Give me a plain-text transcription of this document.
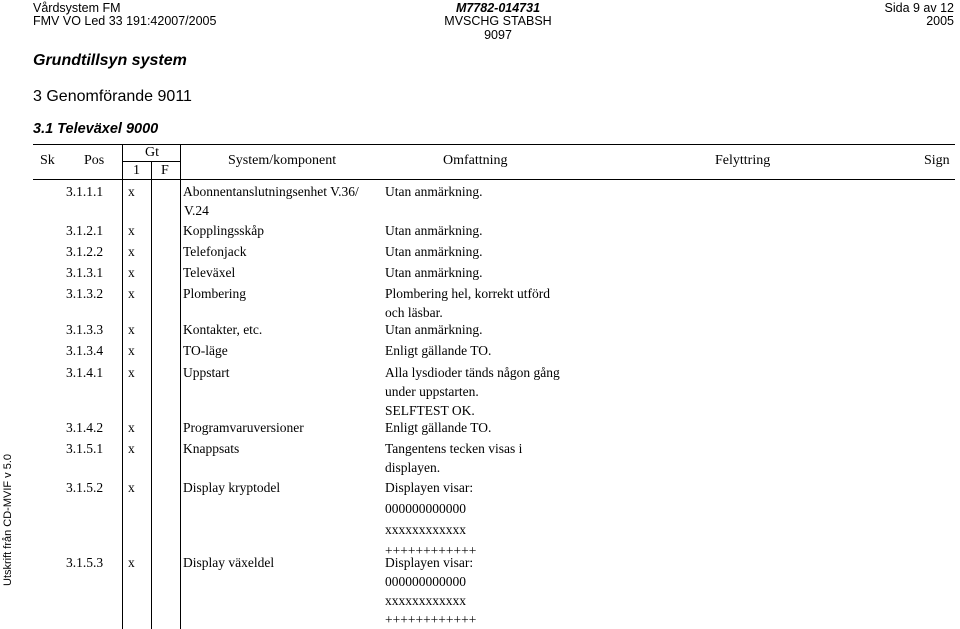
Vårdsystem FM
FMV VO Led 33 191:42007/2005
M7782-014731
MVSCHG STABSH 9097
Sida 9 av 12
2005
Utskrift från CD-MVIF v 5.0
Grundtillsyn system
3 Genomförande 9011
3.1 Televäxel 9000
Sk Pos
Gt
1 F
System/komponent	Omfattning	Felyttring	Sign
3.1.1.1 x	Abonnentanslutningsenhet V.36/
V.24
Utan anmärkning.
3.1.2.1 x	Kopplingsskåp	Utan anmärkning.
3.1.2.2 x	Telefonjack	Utan anmärkning.
3.1.3.1 x	Televäxel	Utan anmärkning.
3.1.3.2 x	Plombering	Plombering hel, korrekt utförd
och läsbar.
3.1.3.3 x	Kontakter, etc.	Utan anmärkning.
3.1.3.4 x	TO-läge	Enligt gällande TO.
3.1.4.1 x	Uppstart	Alla lysdioder tänds någon gång
under uppstarten.
SELFTEST OK.
3.1.4.2 x	Programvaruversioner	Enligt gällande TO.
3.1.5.1 x	Knappsats	Tangentens tecken visas i
displayen.
3.1.5.2 x	Display kryptodel	Displayen visar:
000000000000
xxxxxxxxxxxx
++++++++++++
3.1.5.3 x	Display växeldel	Displayen visar:
000000000000
xxxxxxxxxxxx
++++++++++++
